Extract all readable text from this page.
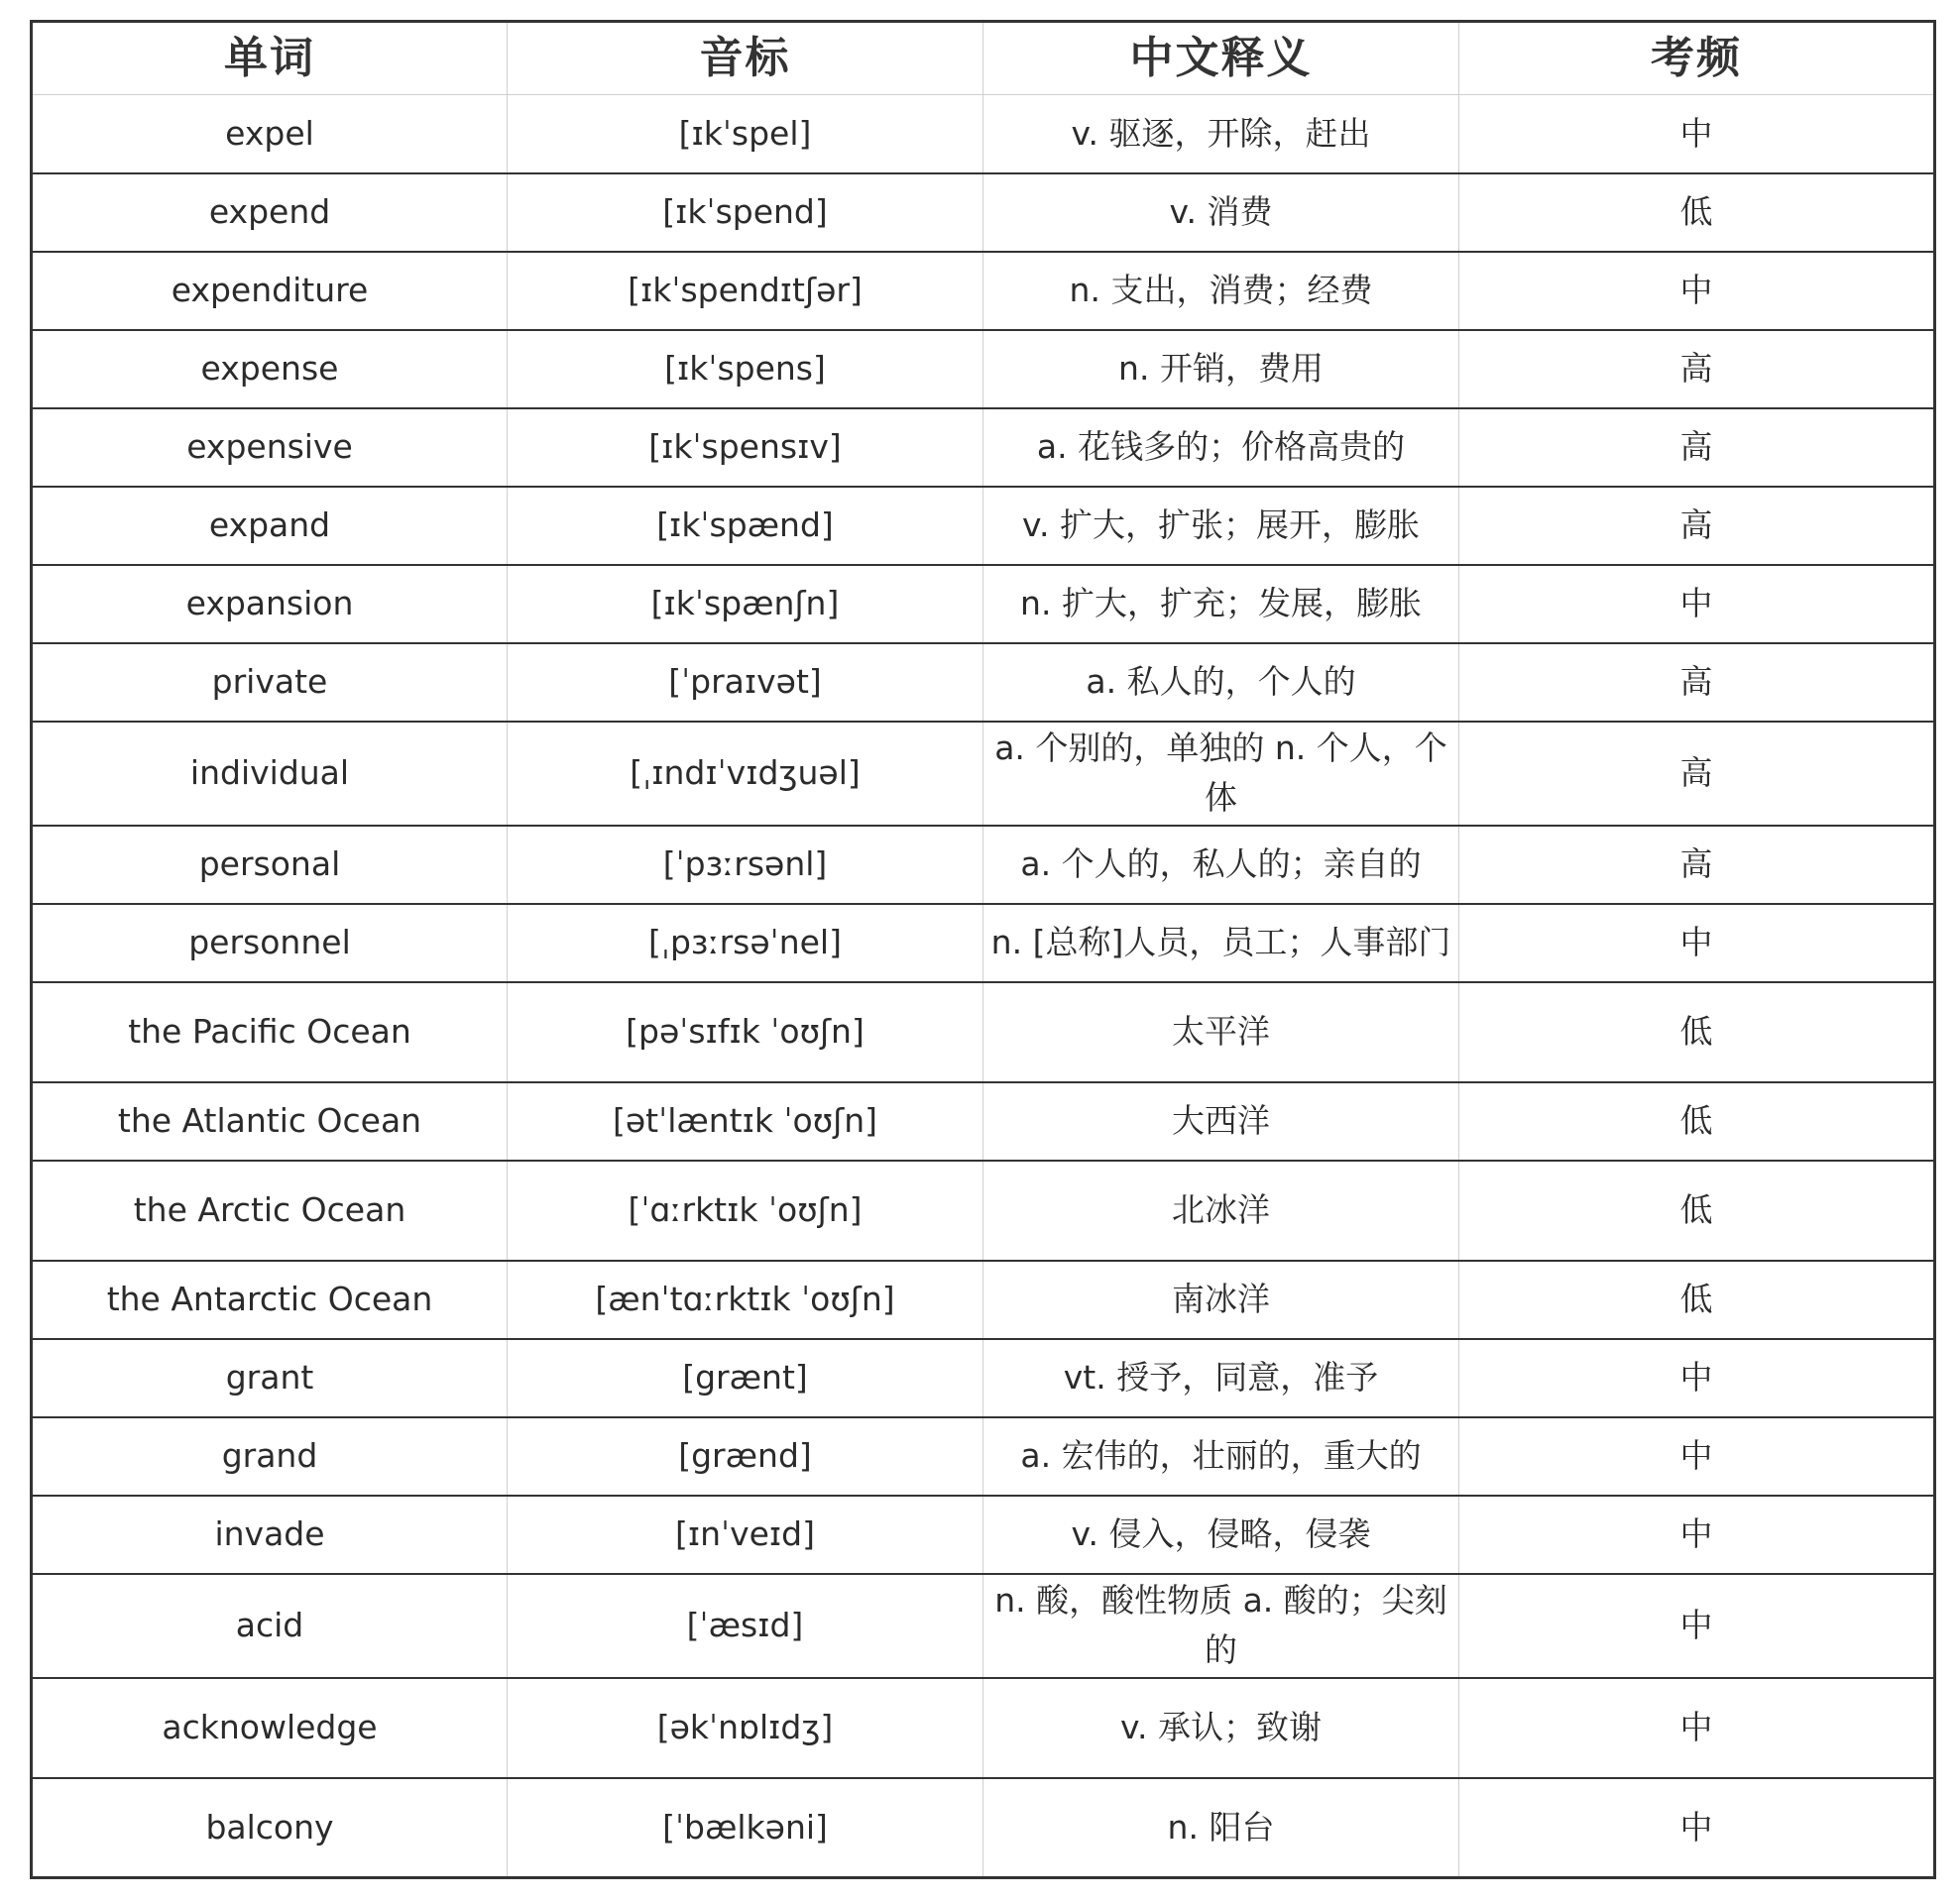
单词	音标	中文释义	考频
expel	[ɪkˈspel]	v. 驱逐，开除，赶出	中
expend	[ɪkˈspend]	v. 消费	低
expenditure	[ɪkˈspendɪtʃər]	n. 支出，消费；经费	中
expense	[ɪkˈspens]	n. 开销，费用	高
expensive	[ɪkˈspensɪv]	a. 花钱多的；价格高贵的	高
expand	[ɪkˈspænd]	v. 扩大，扩张；展开，膨胀	高
expansion	[ɪkˈspænʃn]	n. 扩大，扩充；发展，膨胀	中
private	[ˈpraɪvət]	a. 私人的，个人的	高
individual	[ˌɪndɪˈvɪdʒuəl]	a. 个别的，单独的 n. 个人，个体	高
personal	[ˈpɜːrsənl]	a. 个人的，私人的；亲自的	高
personnel	[ˌpɜːrsəˈnel]	n. [总称]人员，员工；人事部门	中
the Pacific Ocean	[pəˈsɪfɪk ˈoʊʃn]	太平洋	低
the Atlantic Ocean	[ətˈlæntɪk ˈoʊʃn]	大西洋	低
the Arctic Ocean	[ˈɑːrktɪk ˈoʊʃn]	北冰洋	低
the Antarctic Ocean	[ænˈtɑːrktɪk ˈoʊʃn]	南冰洋	低
grant	[grænt]	vt. 授予，同意，准予	中
grand	[grænd]	a. 宏伟的，壮丽的，重大的	中
invade	[ɪnˈveɪd]	v. 侵入，侵略，侵袭	中
acid	[ˈæsɪd]	n. 酸，酸性物质 a. 酸的；尖刻的	中
acknowledge	[əkˈnɒlɪdʒ]	v. 承认；致谢	中
balcony	[ˈbælkəni]	n. 阳台	中
